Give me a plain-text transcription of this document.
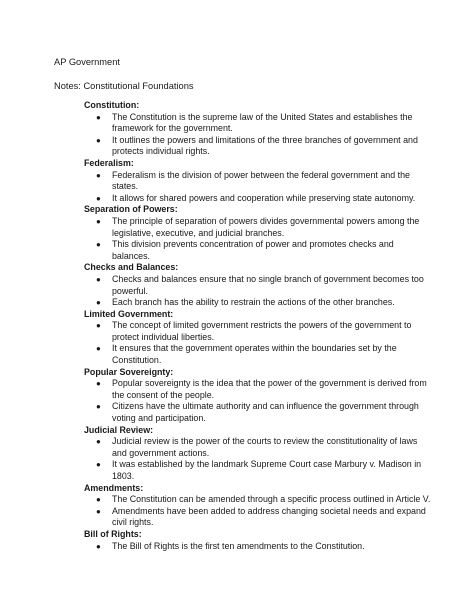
AP Government
Notes: Constitutional Foundations
Constitution:
● The Constitution is the supreme law of the United States and establishes the
framework for the government.
● It outlines the powers and limitations of the three branches of government and
protects individual rights.
Federalism:
● Federalism is the division of power between the federal government and the
states.
● It allows for shared powers and cooperation while preserving state autonomy.
Separation of Powers:
● The principle of separation of powers divides governmental powers among the
legislative, executive, and judicial branches.
● This division prevents concentration of power and promotes checks and
balances.
Checks and Balances:
● Checks and balances ensure that no single branch of government becomes too
powerful.
● Each branch has the ability to restrain the actions of the other branches.
Limited Government:
● The concept of limited government restricts the powers of the government to
protect individual liberties.
● It ensures that the government operates within the boundaries set by the
Constitution.
Popular Sovereignty:
● Popular sovereignty is the idea that the power of the government is derived from
the consent of the people.
● Citizens have the ultimate authority and can influence the government through
voting and participation.
Judicial Review:
● Judicial review is the power of the courts to review the constitutionality of laws
and government actions.
● It was established by the landmark Supreme Court case Marbury v. Madison in
1803.
Amendments:
● The Constitution can be amended through a specific process outlined in Article V.
● Amendments have been added to address changing societal needs and expand
civil rights.
Bill of Rights:
● The Bill of Rights is the first ten amendments to the Constitution.
